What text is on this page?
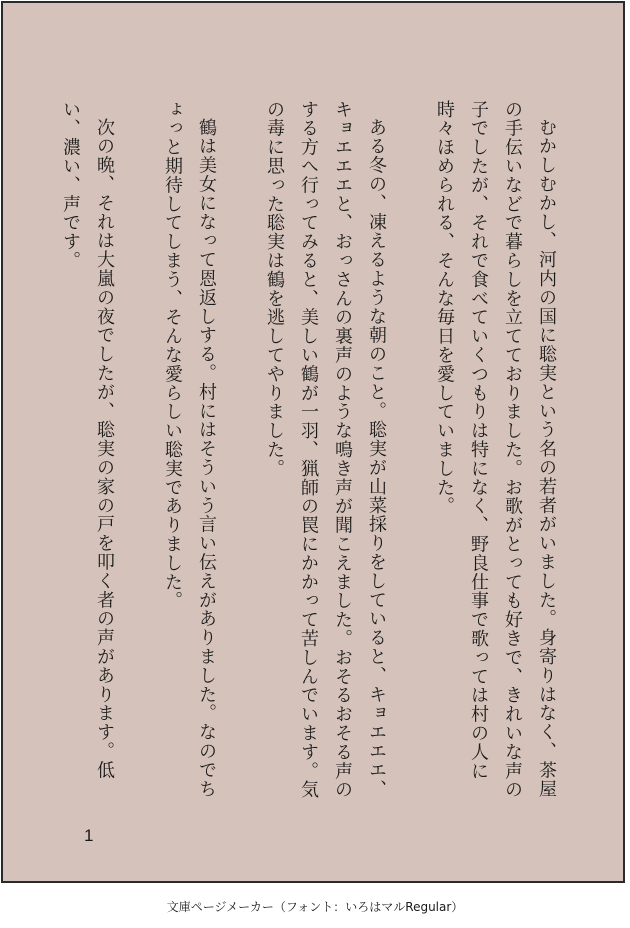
むかしむかし、河内の国に聡実という名の若者がいました。身寄りはなく、茶屋の手伝いなどで暮らしを立てておりました。お歌がとっても好きで、きれいな声の子でしたが、それで食べていくつもりは特になく、野良仕事で歌っては村の人に時々ほめられる、そんな毎日を愛していました。

ある冬の、凍えるような朝のこと。聡実が山菜採りをしていると、キョエエエ、キョエエエと、おっさんの裏声のような鳴き声が聞こえました。おそるおそる声のする方へ行ってみると、美しい鶴が一羽、猟師の罠にかかって苦しんでいます。気の毒に思った聡実は鶴を逃してやりました。

鶴は美女になって恩返しする。村にはそういう言い伝えがありました。なのでちょっと期待してしまう、そんな愛らしい聡実でありました。

次の晩、それは大嵐の夜でしたが、聡実の家の戸を叩く者の声があります。低い、濃い、声です。

1
文庫ページメーカー（フォント：いろはマルRegular）
